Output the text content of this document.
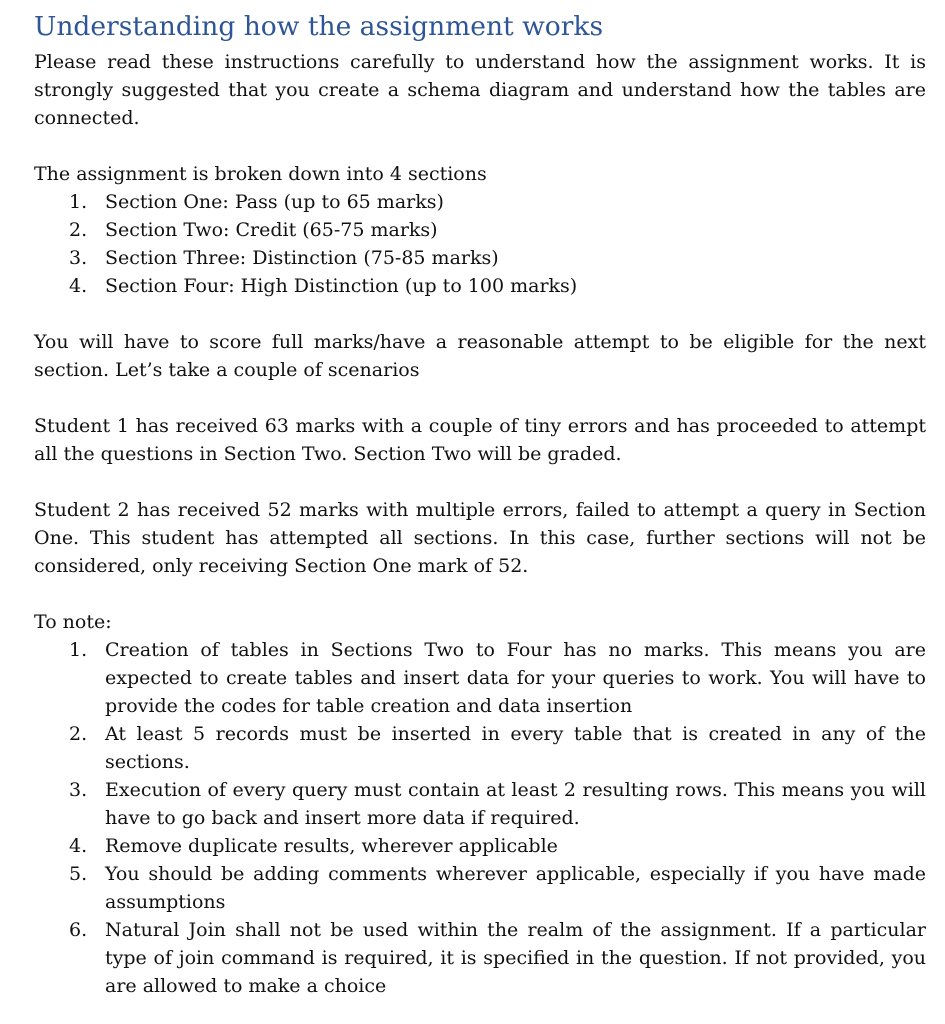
Understanding how the assignment works

Please read these instructions carefully to understand how the assignment works. It is strongly suggested that you create a schema diagram and understand how the tables are connected.

The assignment is broken down into 4 sections

1. Section One: Pass (up to 65 marks)
2. Section Two: Credit (65-75 marks)
3. Section Three: Distinction (75-85 marks)
4. Section Four: High Distinction (up to 100 marks)

You will have to score full marks/have a reasonable attempt to be eligible for the next section. Let’s take a couple of scenarios

Student 1 has received 63 marks with a couple of tiny errors and has proceeded to attempt all the questions in Section Two. Section Two will be graded.

Student 2 has received 52 marks with multiple errors, failed to attempt a query in Section One. This student has attempted all sections. In this case, further sections will not be considered, only receiving Section One mark of 52.

To note:

1. Creation of tables in Sections Two to Four has no marks. This means you are expected to create tables and insert data for your queries to work. You will have to provide the codes for table creation and data insertion
2. At least 5 records must be inserted in every table that is created in any of the sections.
3. Execution of every query must contain at least 2 resulting rows. This means you will have to go back and insert more data if required.
4. Remove duplicate results, wherever applicable
5. You should be adding comments wherever applicable, especially if you have made assumptions
6. Natural Join shall not be used within the realm of the assignment. If a particular type of join command is required, it is specified in the question. If not provided, you are allowed to make a choice
